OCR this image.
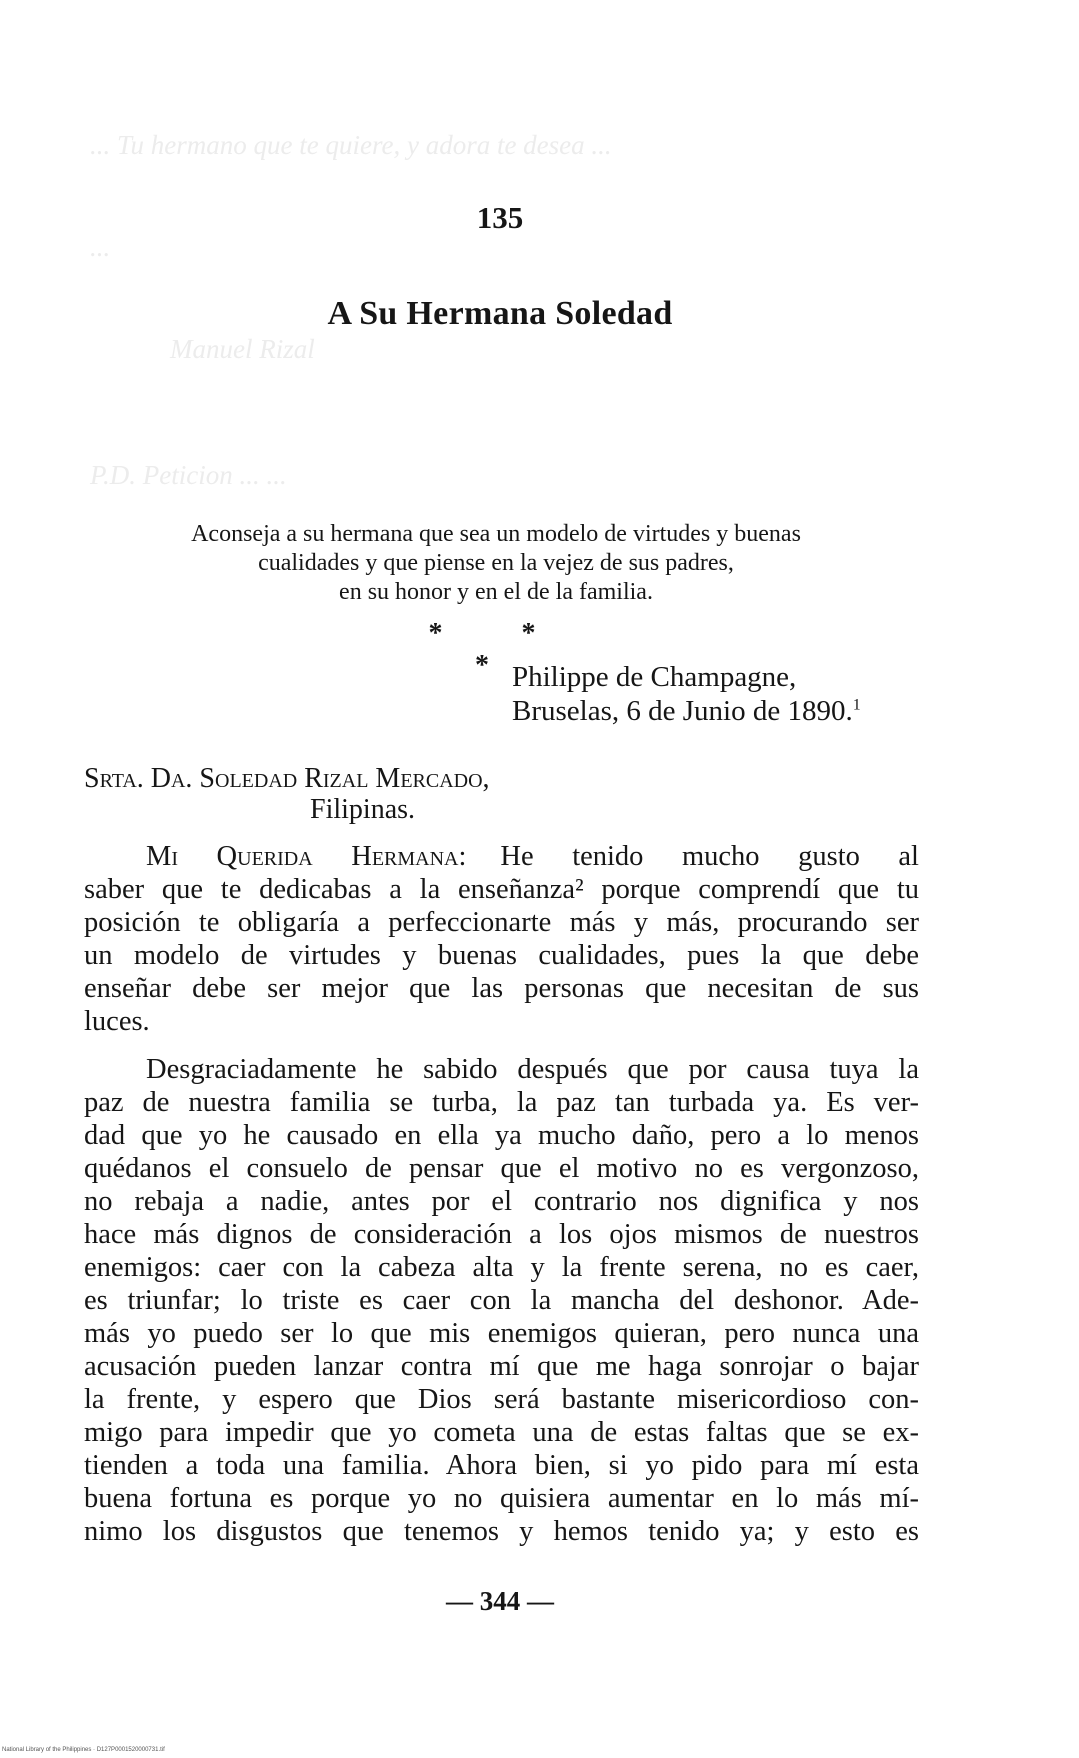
... Tu hermano que te quiere, y adora te desea ...

...

Manuel Rizal

P.D. Peticion ... ...

135
A Su Hermana Soledad
Aconseja a su hermana que sea un modelo de virtudes y buenas
cualidades y que piense en la vejez de sus padres,
en su honor y en el de la familia.
* * *
Philippe de Champagne,
Bruselas, 6 de Junio de 1890.$^1$
Srta. Da. Soledad Rizal Mercado,
Filipinas.
Mi Querida Hermana: He tenido mucho gusto al
saber que te dedicabas a la enseñanza² porque comprendí que tu
posición te obligaría a perfeccionarte más y más, procurando ser
un modelo de virtudes y buenas cualidades, pues la que debe
enseñar debe ser mejor que las personas que necesitan de sus
luces.
Desgraciadamente he sabido después que por causa tuya la
paz de nuestra familia se turba, la paz tan turbada ya. Es ver-
dad que yo he causado en ella ya mucho daño, pero a lo menos
quédanos el consuelo de pensar que el motivo no es vergonzoso,
no rebaja a nadie, antes por el contrario nos dignifica y nos
hace más dignos de consideración a los ojos mismos de nuestros
enemigos: caer con la cabeza alta y la frente serena, no es caer,
es triunfar; lo triste es caer con la mancha del deshonor. Ade-
más yo puedo ser lo que mis enemigos quieran, pero nunca una
acusación pueden lanzar contra mí que me haga sonrojar o bajar
la frente, y espero que Dios será bastante misericordioso con-
migo para impedir que yo cometa una de estas faltas que se ex-
tienden a toda una familia. Ahora bien, si yo pido para mí esta
buena fortuna es porque yo no quisiera aumentar en lo más mí-
nimo los disgustos que tenemos y hemos tenido ya; y esto es
— 344 —
National Library of the Philippines · D127P0001520000731.tif
